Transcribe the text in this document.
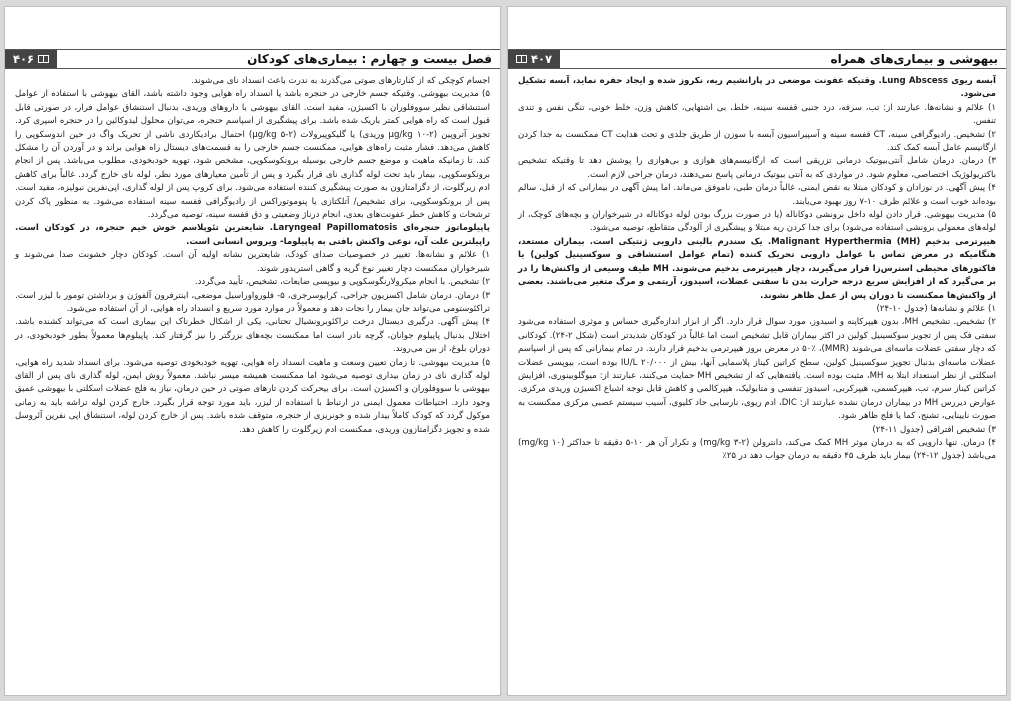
فصل بیست و چهارم : بیماری‌های کودکان
۴۰۶

اجسام کوچکی که از کنارتارهای صوتی می‌گذرند به ندرت باعث انسداد نای می‌شوند.

۵) مدیریت بیهوشی. وقتیکه جسم خارجی در حنجره باشد یا انسداد راه هوایی وجود داشته باشد، القای بیهوشی با استفاده از عوامل استنشاقی نظیر سووفلوران با اکسیژن، مفید است. القای بیهوشی با داروهای وریدی، بدنبال استنشاق عوامل فرار، در صورتی قابل قبول است که راه هوایی کمتر باریک شده باشد. برای پیشگیری از اسپاسم حنجره، می‌توان محلول لیدوکائین را در حنجره اسپری کرد. تجویز آتروپین (۲-۱۰ µg/kg وریدی) یا گلیکوپیرولات (۲-۵ µg/kg) احتمال برادیکاردی ناشی از تحریک واگ در حین اندوسکوپی را کاهش می‌دهد. فشار مثبت راه‌های هوایی، ممکنست جسم خارجی را به قسمت‌های دیستال راه هوایی براند و در آوردن آن را مشکل کند. تا زمانیکه ماهیت و موضع جسم خارجی بوسیله برونکوسکوپی، مشخص شود، تهویه خودبخودی، مطلوب می‌باشد. پس از انجام برونکوسکوپی، بیمار باید تحت لوله گذاری نای قرار بگیرد و پس از تأمین معیارهای مورد نظر، لوله نای خارج گردد. غالباً برای کاهش ادم زیرگلوت، از دگزامتازون به صورت پیشگیری کننده استفاده می‌شود. برای کروپ پس از لوله گذاری، اپی‌نفرین نبولیزه، مفید است. پس از برونکوسکوپی، برای تشخیص/ آتلکتازی یا پنوموتوراکس از رادیوگرافی قفسه سینه استفاده می‌شود. به منظور پاک کردن ترشحات و کاهش خطر عفونت‌های بعدی، انجام درناژ وضعیتی و دق قفسه سینه، توصیه می‌گردد.

پاپیلوماتوز حنجره‌ای Laryngeal Papillomatosis. شایعترین تئوپلاسم خوش خیم حنجره، در کودکان است. راپیلترین علت آن، نوعی واکنش بافتی به پاپیلوما- ویروس انسانی است.

۱) علائم و نشانه‌ها. تغییر در خصوصیات صدای کودک، شایعترین نشانه اولیه آن است. کودکان دچار خشونت صدا می‌شوند و شیرخواران ممکنست دچار تغییر نوع گریه و گاهی استریدور شوند.

۲) تشخیص. با انجام میکرولارنگوسکوپی و بیوپسی ضایعات، تشخیص، تأیید می‌گردد.

۳) درمان. درمان شامل اکسزیون جراحی، کرایوسرجری، ۵- فلورواوراسیل موضعی، اینترفرون آلفوژن و برداشتن تومور با لیزر است. تراکئوستومی می‌تواند جان بیمار را نجات دهد و معمولاً در موارد مورد سریع و انسداد راه هوایی، از آن استفاده می‌شود.

۴) پیش آگهی. درگیری دیستال درخت تراکئوبرونشیال تحتانی، یکی از اشکال خطرناک این بیماری است که می‌تواند کشنده باشد. اختلال بدنبال پاپیلوم جوانان، گرچه نادر است اما ممکنست بچه‌های بزرگتر را نیز گرفتار کند. پاپیلوم‌ها معمولاً بطور خودبخودی، در دوران بلوغ، از بین می‌روند.

۵) مدیریت بیهوشی. تا زمان تعیین وسعت و ماهیت انسداد راه هوایی، تهویه خودبخودی توصیه می‌شود. برای انسداد شدید راه هوایی، لوله گذاری نای در زمان بیداری توصیه می‌شود اما ممکنست همیشه میسر نباشد. معمولاً روش ایمن، لوله گذاری نای پس از القای بیهوشی با سووفلوران و اکسیژن است. برای بیحرکت کردن تارهای صوتی در حین درمان، نیاز به فلج عضلات اسکلتی با بیهوشی عمیق وجود دارد. احتیاطات معمول ایمنی در ارتباط با استفاده از لیزر، باید مورد توجه قرار بگیرد. خارج کردن لوله تراشه باید به زمانی موکول گردد که کودک کاملاً بیدار شده و خونریزی از حنجره، متوقف شده باشد. پس از خارج کردن لوله، استنشاق اپی نفرین آئروسل شده و تجویز دگزامتازون وریدی، ممکنست ادم زیرگلوت را کاهش دهد.

بیهوشی و بیماری‌های همراه
۴۰۷

آبسه ریوی Lung Abscess. وقتیکه عفونت موضعی در پارانشیم ریه، نکروز شده و ایجاد حفره نماید، آبسه تشکیل می‌شود.

۱) علائم و نشانه‌ها. عبارتند از: تب، سرفه، درد جنبی قفسه سینه، خلط، بی اشتهایی، کاهش وزن، خلط خونی، تنگی نفس و تندی تنفس.

۲) تشخیص. رادیوگرافی سینه، CT قفسه سینه و آسپیراسیون آبسه با سوزن از طریق جلدی و تحت هدایت CT ممکنست به جدا کردن ارگانیسم عامل آبسه کمک کند.

۳) درمان. درمان شامل آنتی‌بیوتیک درمانی تزریقی است که ارگانیسم‌های هوازی و بی‌هوازی را پوشش دهد تا وقتیکه تشخیص باکتریولوژیک اختصاصی، معلوم شود. در مواردی که به آنتی بیوتیک درمانی پاسخ نمی‌دهند، درمان جراحی لازم است.

۴) پیش آگهی. در نوزادان و کودکان مبتلا به نقص ایمنی، غالباً درمان طبی، ناموفق می‌ماند. اما پیش آگهی در بیمارانی که از قبل، سالم بوده‌اند خوب است و علائم ظرف ۱۰-۷ روز بهبود می‌یابند.

۵) مدیریت بیهوشی. قرار دادن لوله داخل برونشی دوکاناله (یا در صورت بزرگ بودن لوله دوکاناله در شیرخواران و بچه‌های کوچک، از لوله‌های معمولی برونشی استفاده می‌شود) برای جدا کردن ریه مبتلا و پیشگیری از آلودگی متقاطع، توصیه می‌شود.

هیپرترمی بدخیم Malignant Hyperthermia (MH). یک سندرم بالینی دارویی ژنتیکی است. بیماران مستعد، هنگامیکه در معرض تماس با عوامل دارویی تحریک کننده (تمام عوامل استنشاقی و سوکسینیل کولین) یا فاکتورهای محیطی استرس‌زا قرار می‌گیرند، دچار هیپرترمی بدخیم می‌شوند. MH طیف وسیعی از واکنش‌ها را در بر می‌گیرد که از افزایش سریع درجه حرارت بدن تا سفتی عضلات، اسیدوز، آریتمی و مرگ متغیر می‌باشند. بعضی از واکنش‌ها ممکنست تا دوران پس از عمل ظاهر نشوند.

۱) علائم و نشانه‌ها (جدول ۱۰-۲۴)

۲) تشخیص. تشخیص MH، بدون هیپرکاپنه و اسیدوز، مورد سوال قرار دارد. اگر از ابزار اندازه‌گیری حساس و موثری استفاده می‌شود سفتی فک پس از تجویز سوکسینیل کولین در اکثر بیماران قابل تشخیص است اما غالباً در کودکان شدیدتر است (شکل ۲-۲۴). کودکانی که دچار سفتی عضلات ماسه‌ای می‌شوند (MMR)، ۵۰٪ در معرض بروز هیپرترمی بدخیم قرار دارند. در تمام بیمارانی که پس از اسپاسم عضلات ماسه‌ای بدنبال تجویز سوکسینیل کولین، سطح کراتین کیناز پلاسمایی آنها، بیش از ۲۰/۰۰۰ IU/L بوده است، بیوپسی عضلات اسکلتی از نظر استعداد ابتلا به MH، مثبت بوده است. یافته‌هایی که از تشخیص MH حمایت می‌کنند، عبارتند از: میوگلوبینوری، افزایش کراتین کیناز سرم، تب، هیپرکسمی، هیپرکربی، اسیدوز تنفسی و متابولیک، هیپرکالمی و کاهش قابل توجه اشباع اکسیژن وریدی مرکزی. عوارض دیررس MH در بیماران درمان نشده عبارتند از: DIC، ادم ریوی، نارسایی حاد کلیوی، آسیب سیستم عصبی مرکزی ممکنست به صورت نایینایی، تشنج، کما یا فلج ظاهر شود.

۳) تشخیص افتراقی (جدول ۱۱-۲۴)

۴) درمان. تنها دارویی که به درمان موثر MH کمک می‌کند، دانترولن (۲-۳ mg/kg) و تکرار آن هر ۱۰-۵ دقیقه تا حداکثر (۱۰ mg/kg) می‌باشد (جدول ۱۲-۲۴) بیمار باید ظرف ۴۵ دقیقه به درمان جواب دهد در ۲۵٪
